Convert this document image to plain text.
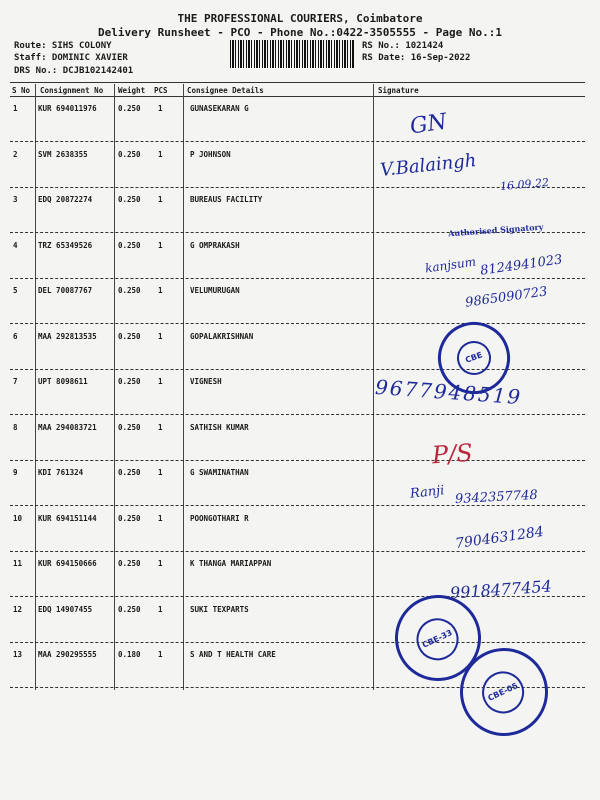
THE PROFESSIONAL COURIERS, Coimbatore
Delivery Runsheet - PCO - Phone No.:0422-3505555 - Page No.:1
Route: SIHS COLONY
Staff: DOMINIC XAVIER
DRS No.: DCJB102142401
RS No.: 1021424
RS Date: 16-Sep-2022
S No Consignment No Weight PCS	Consignee Details	Signature
1	KUR 694011976	0.250 1	GUNASEKARAN G
2	SVM 2638355	0.250 1	P JOHNSON
3	EDQ 20872274	0.250 1	BUREAUS FACILITY
4	TRZ 65349526	0.250 1	G OMPRAKASH
5	DEL 70087767	0.250 1	VELUMURUGAN
6	MAA 292813535	0.250 1	GOPALAKRISHNAN
7	UPT 8098611	0.250 1	VIGNESH
8	MAA 294083721	0.250 1	SATHISH KUMAR
9	KDI 761324	0.250 1	G SWAMINATHAN
10 KUR 694151144	0.250 1	POONGOTHARI R
11 KUR 694150666	0.250 1	K THANGA MARIAPPAN
12 EDQ 14907455	0.250 1	SUKI TEXPARTS
13 MAA 290295555	0.180 1	S AND T HEALTH CARE
GN
V.Balaingh
16.09.22
Authorised Signatory
kanjsum 8124941023
9865090723
9677948519
P/S
Ranji 9342357748
7904631284
9918477454
CBE
CBE-33
CBE-05
